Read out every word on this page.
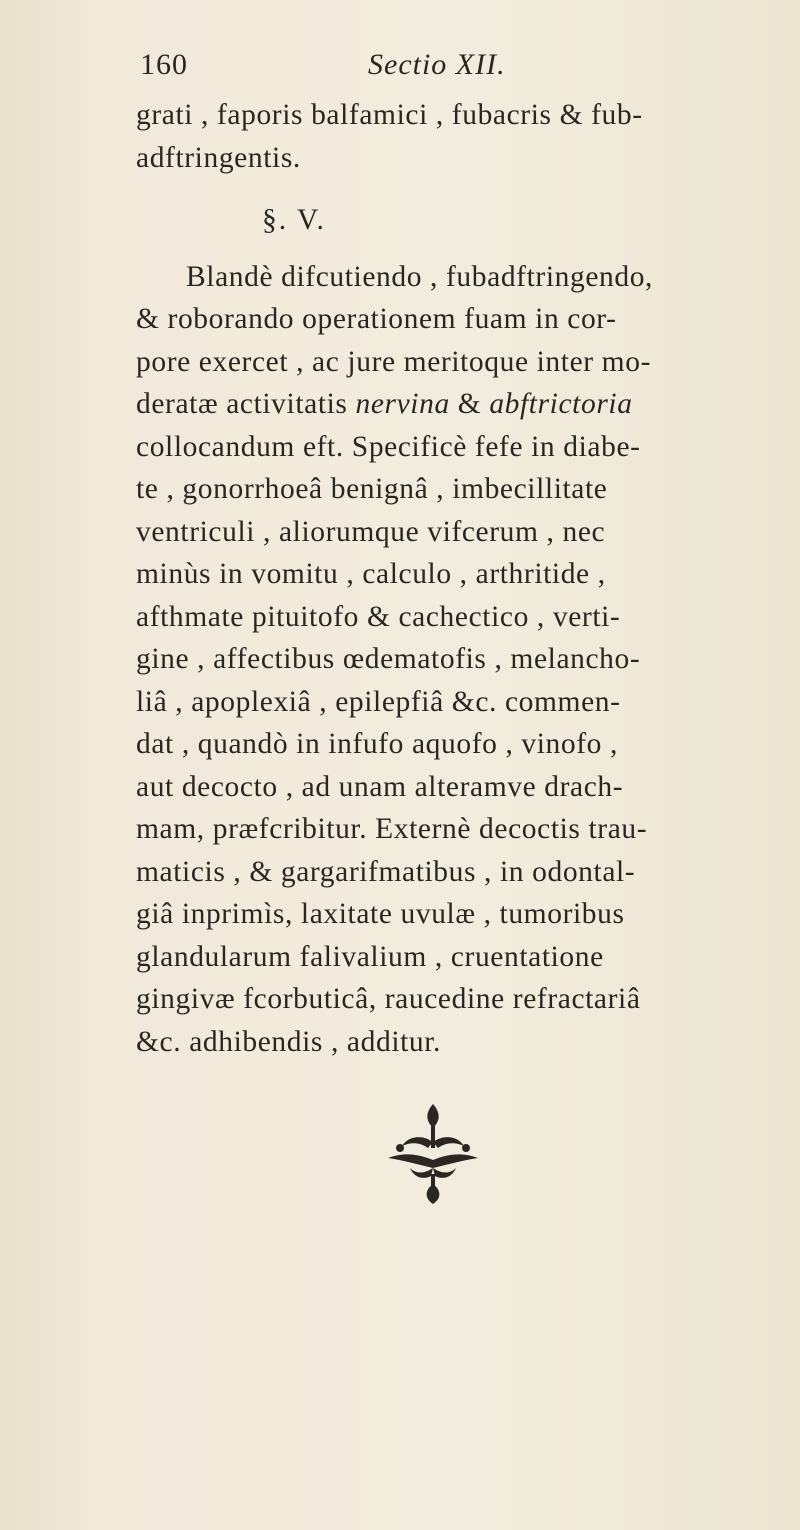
160	Sectio XII.
grati , faporis balfamici , fubacris & fub-
adftringentis.
§. V.
Blandè difcutiendo , fubadftringendo,
& roborando operationem fuam in cor-
pore exercet , ac jure meritoque inter mo-
deratæ activitatis nervina & abftrictoria
collocandum eft. Specificè fefe in diabe-
te , gonorrhoeâ benignâ , imbecillitate
ventriculi , aliorumque vifcerum , nec
minùs in vomitu , calculo , arthritide ,
afthmate pituitofo & cachectico , verti-
gine , affectibus œdematofis , melancho-
liâ , apoplexiâ , epilepfiâ &c. commen-
dat , quandò in infufo aquofo , vinofo ,
aut decocto , ad unam alteramve drach-
mam, præfcribitur. Externè decoctis trau-
maticis , & gargarifmatibus , in odontal-
giâ inprimìs, laxitate uvulæ , tumoribus
glandularum falivalium , cruentatione
gingivæ fcorbuticâ, raucedine refractariâ
&c. adhibendis , additur.
